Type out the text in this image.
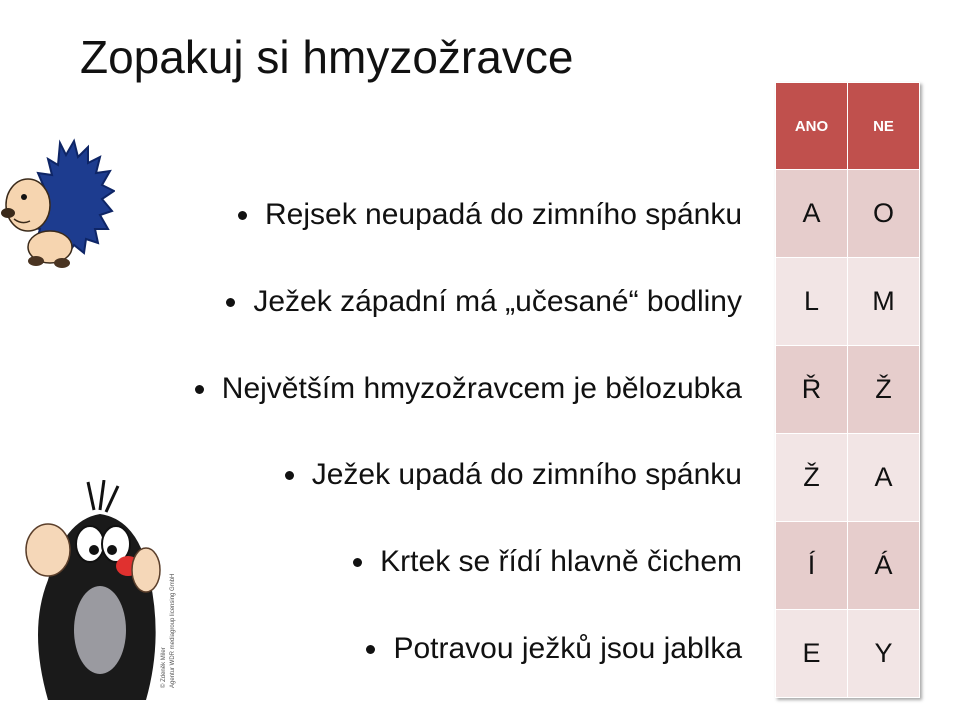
Zopakuj si hmyzožravce
Rejsek neupadá do zimního spánku
Ježek západní má „učesané“ bodliny
Největším hmyzožravcem je bělozubka
Ježek upadá do zimního spánku
Krtek se řídí hlavně čichem
Potravou ježků jsou jablka
ANO	NE
A	O
L	M
Ř	Ž
Ž	A
Í	Á
E	Y
© Zdeněk Miler Agentur WDR mediagroup licensing GmbH
